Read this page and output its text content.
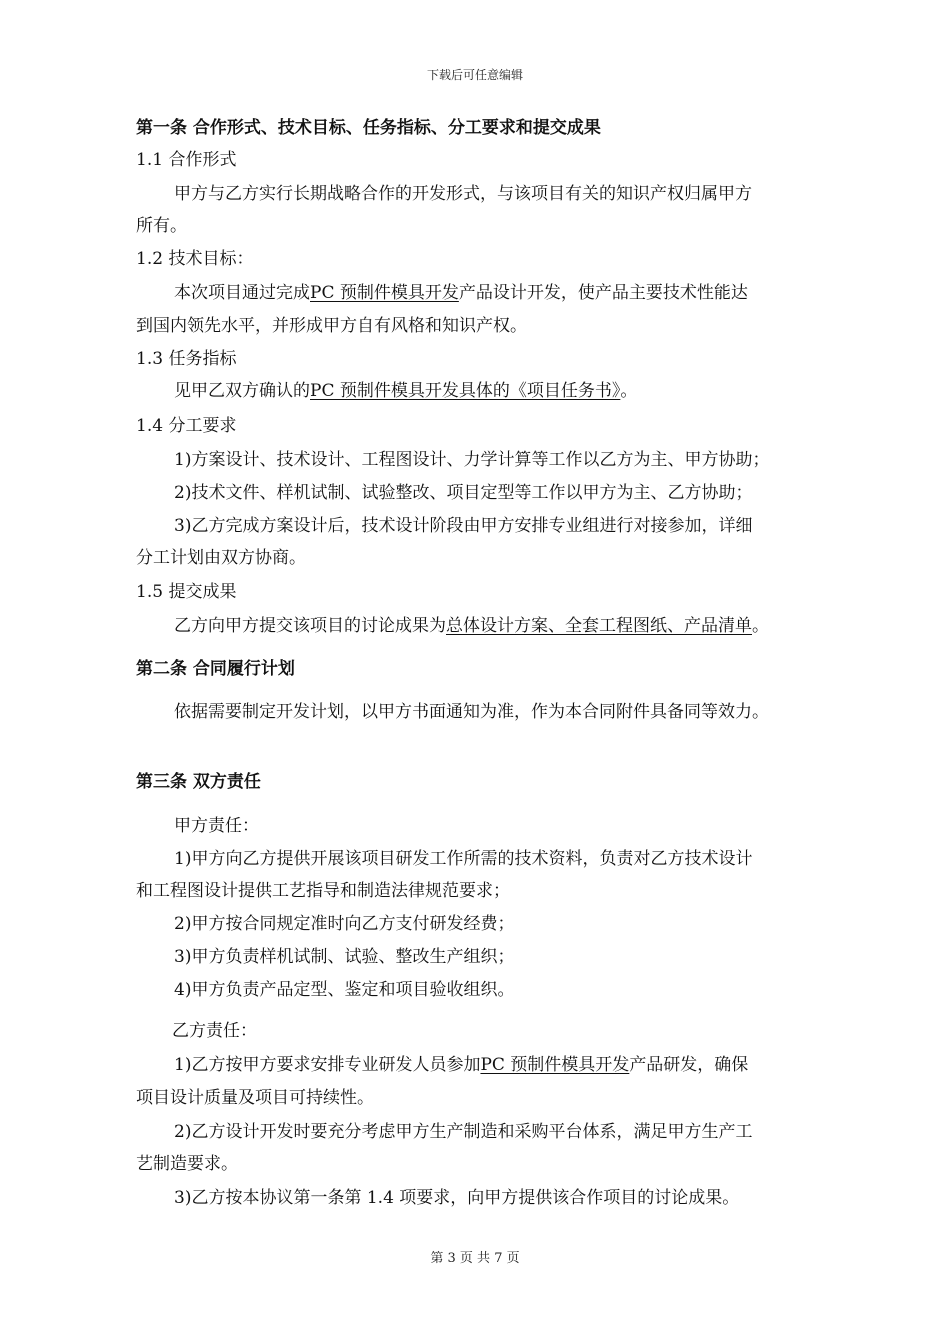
下载后可任意编辑
第一条 合作形式、技术目标、任务指标、分工要求和提交成果
1.1 合作形式
甲方与乙方实行长期战略合作的开发形式，与该项目有关的知识产权归属甲方
所有。
1.2 技术目标：
本次项目通过完成PC 预制件模具开发产品设计开发，使产品主要技术性能达
到国内领先水平，并形成甲方自有风格和知识产权。
1.3 任务指标
见甲乙双方确认的PC 预制件模具开发具体的《项目任务书》。
1.4 分工要求
1)方案设计、技术设计、工程图设计、力学计算等工作以乙方为主、甲方协助；
2)技术文件、样机试制、试验整改、项目定型等工作以甲方为主、乙方协助；
3)乙方完成方案设计后，技术设计阶段由甲方安排专业组进行对接参加，详细
分工计划由双方协商。
1.5 提交成果
乙方向甲方提交该项目的讨论成果为总体设计方案、全套工程图纸、产品清单。
第二条 合同履行计划
依据需要制定开发计划，以甲方书面通知为准，作为本合同附件具备同等效力。
第三条 双方责任
甲方责任：
1)甲方向乙方提供开展该项目研发工作所需的技术资料，负责对乙方技术设计
和工程图设计提供工艺指导和制造法律规范要求；
2)甲方按合同规定准时向乙方支付研发经费；
3)甲方负责样机试制、试验、整改生产组织；
4)甲方负责产品定型、鉴定和项目验收组织。
乙方责任：
1)乙方按甲方要求安排专业研发人员参加PC 预制件模具开发产品研发，确保
项目设计质量及项目可持续性。
2)乙方设计开发时要充分考虑甲方生产制造和采购平台体系，满足甲方生产工
艺制造要求。
3)乙方按本协议第一条第 1.4 项要求，向甲方提供该合作项目的讨论成果。
第 3 页 共 7 页
